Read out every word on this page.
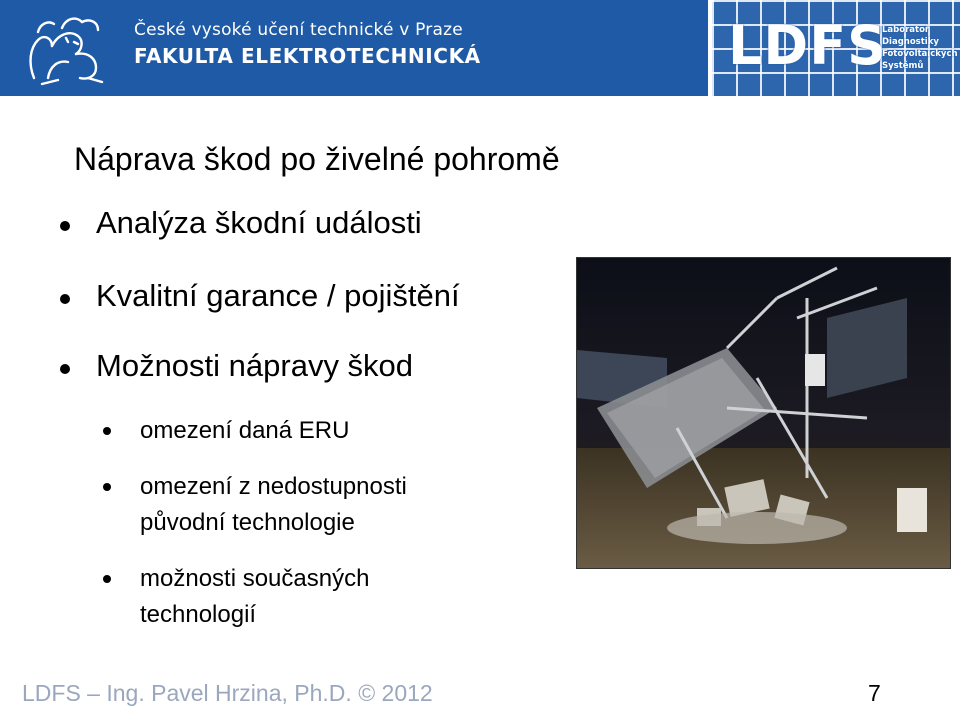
České vysoké učení technické v Praze
FAKULTA ELEKTROTECHNICKÁ	LDFS
Laboratoř
Diagnostiky
Fotovoltaických
Systémů
Náprava škod po živelné pohromě
Analýza škodní události
Kvalitní garance / pojištění
Možnosti nápravy škod
omezení daná ERU
omezení z nedostupnosti
původní technologie
možnosti současných
technologií
LDFS – Ing. Pavel Hrzina, Ph.D. © 2012	7
